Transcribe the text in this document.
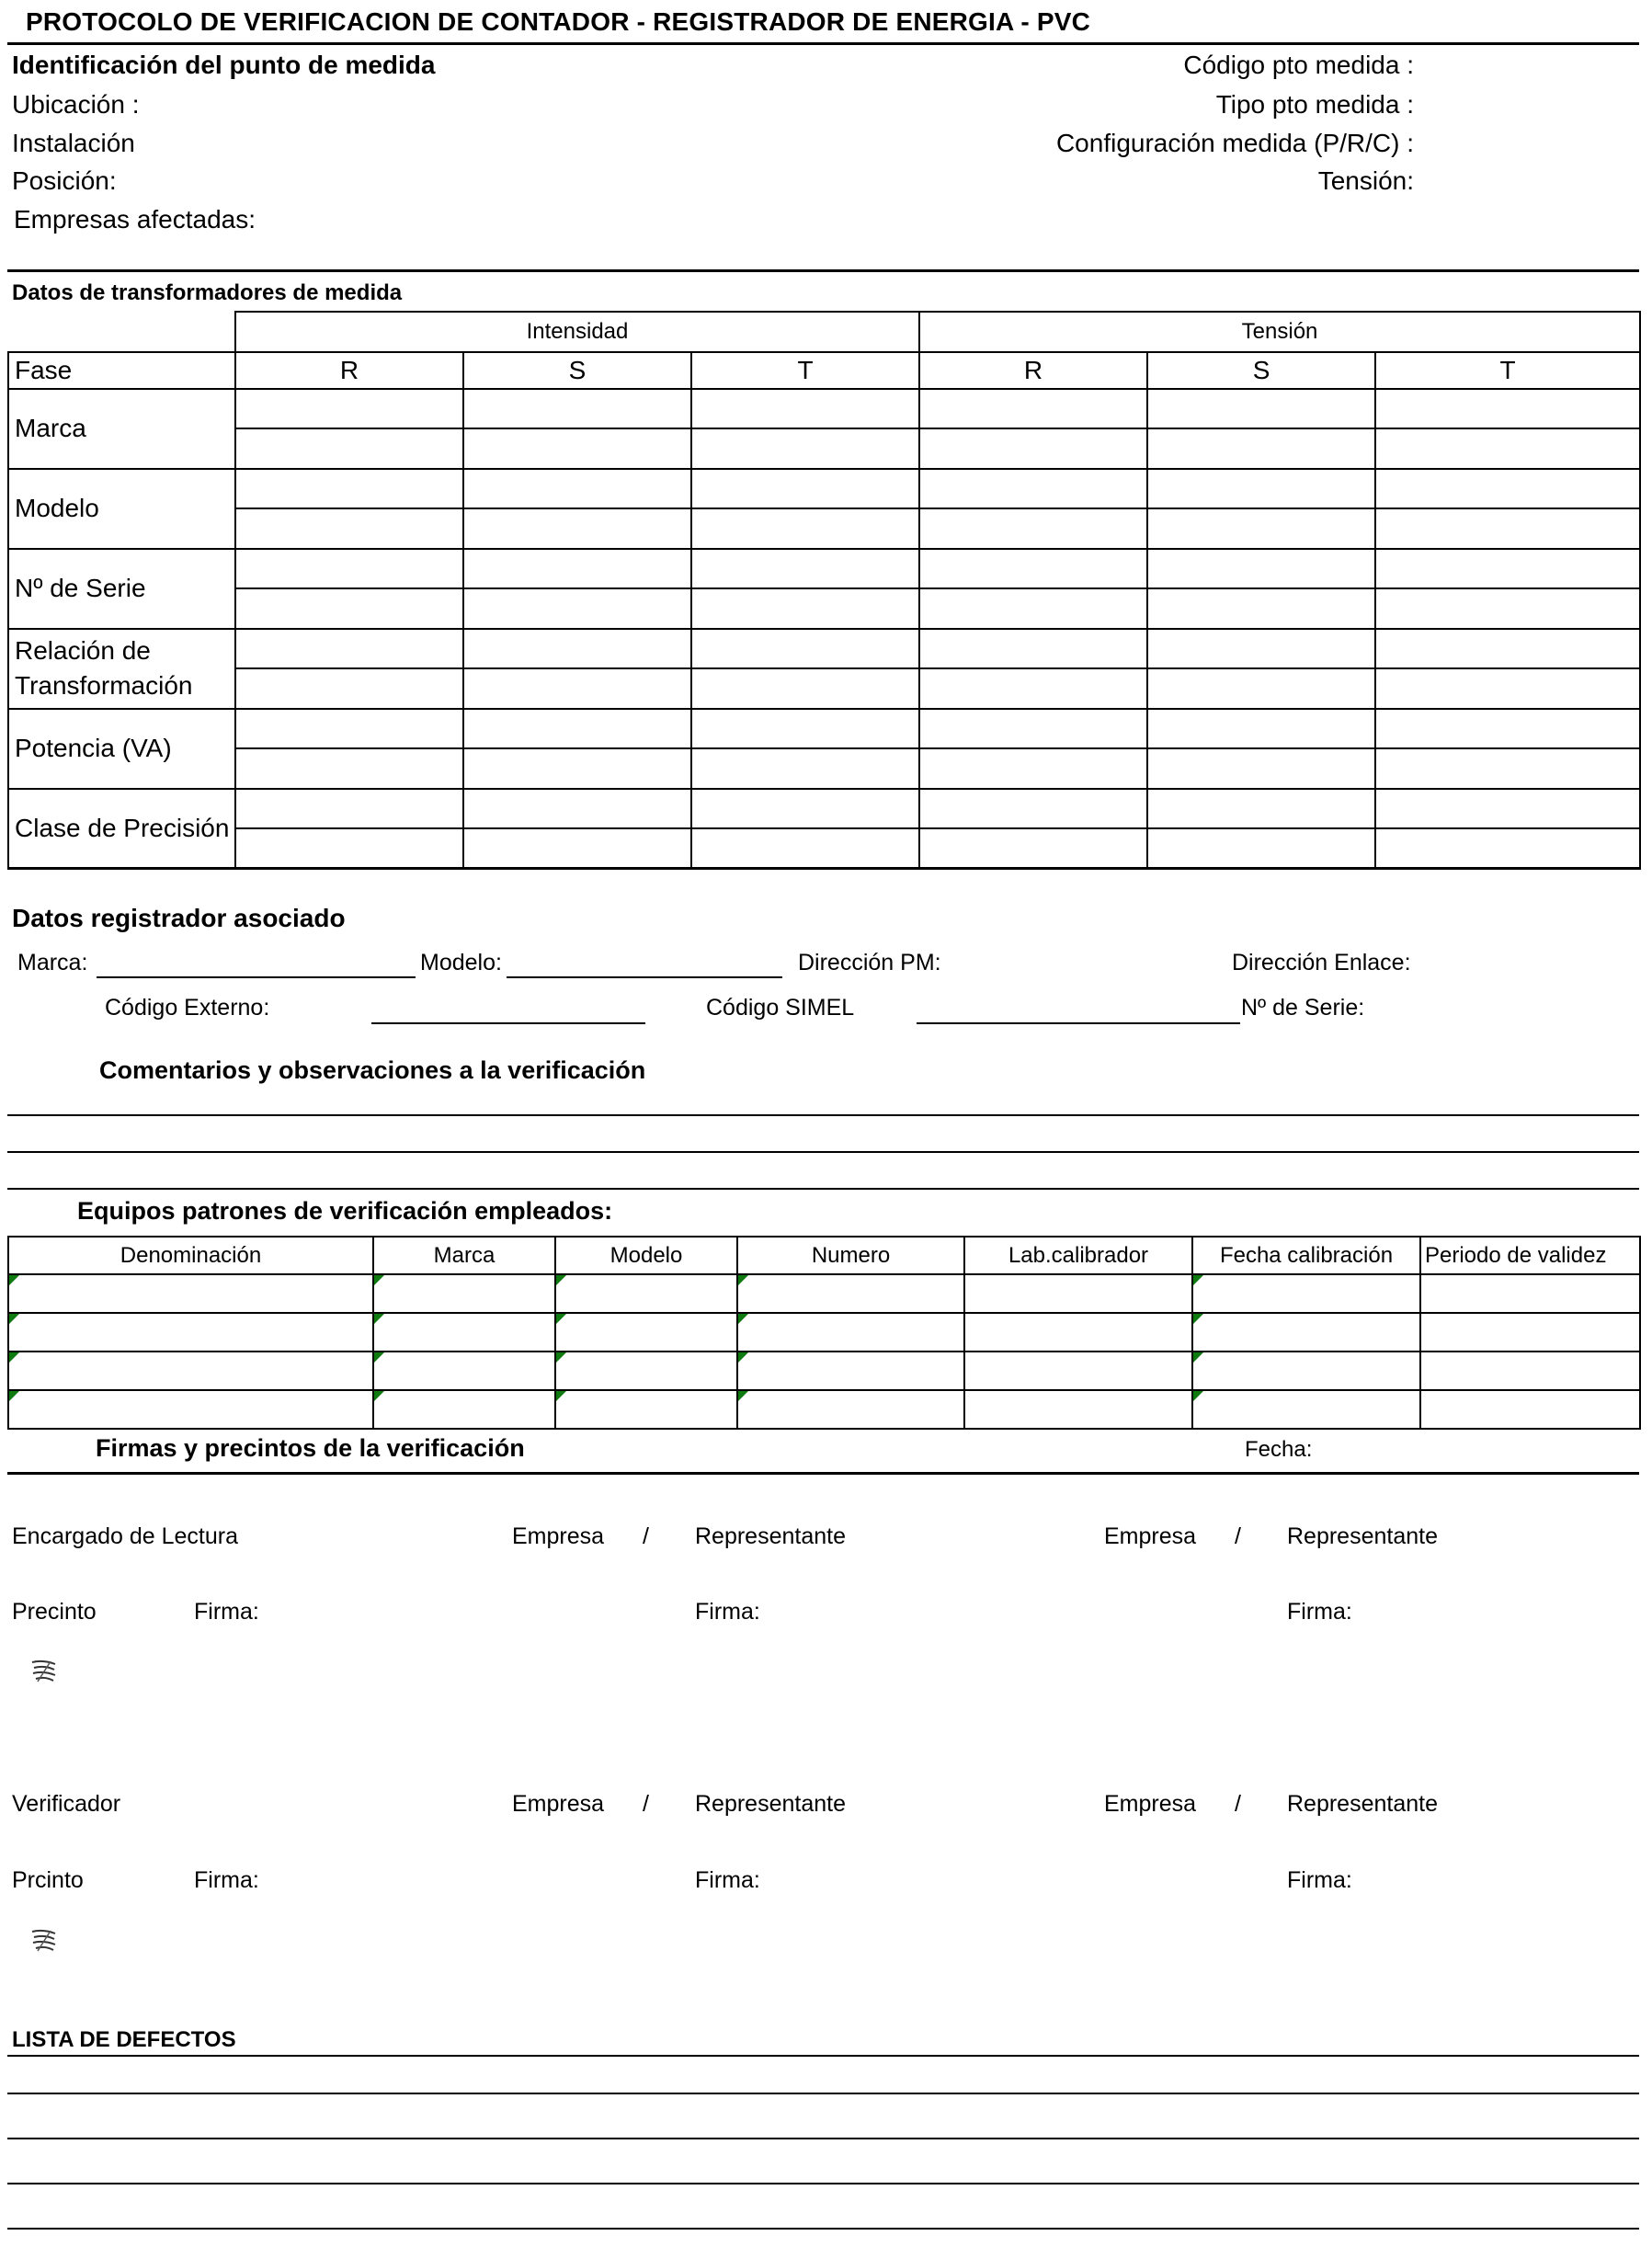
PROTOCOLO DE VERIFICACION DE CONTADOR - REGISTRADOR DE ENERGIA - PVC
Identificación del punto de medida
Ubicación :
Instalación
Posición:
Empresas afectadas:
Código pto medida :
Tipo pto medida :
Configuración medida (P/R/C) :
Tensión:
Datos de transformadores de medida
	Intensidad			Tensión		
Fase	R	S	T	R	S	T
Marca						

Modelo						

Nº de Serie						

Relación de Transformación						

Potencia (VA)						

Clase de Precisión						

Datos registrador asociado
Marca:	Modelo:	Dirección PM:	Dirección Enlace:
Código Externo:	Código SIMEL	Nº de Serie:
Comentarios y observaciones a la verificación
Equipos patrones de verificación empleados:
Denominación	Marca	Modelo	Numero	Lab.calibrador	Fecha calibración	Periodo de validez

Firmas y precintos de la verificación	Fecha:
Encargado de Lectura	Empresa / Representante	Empresa / Representante
Precinto	Firma:	Firma:	Firma:
Verificador	Empresa / Representante	Empresa / Representante
Prcinto	Firma:	Firma:	Firma:
LISTA DE DEFECTOS
